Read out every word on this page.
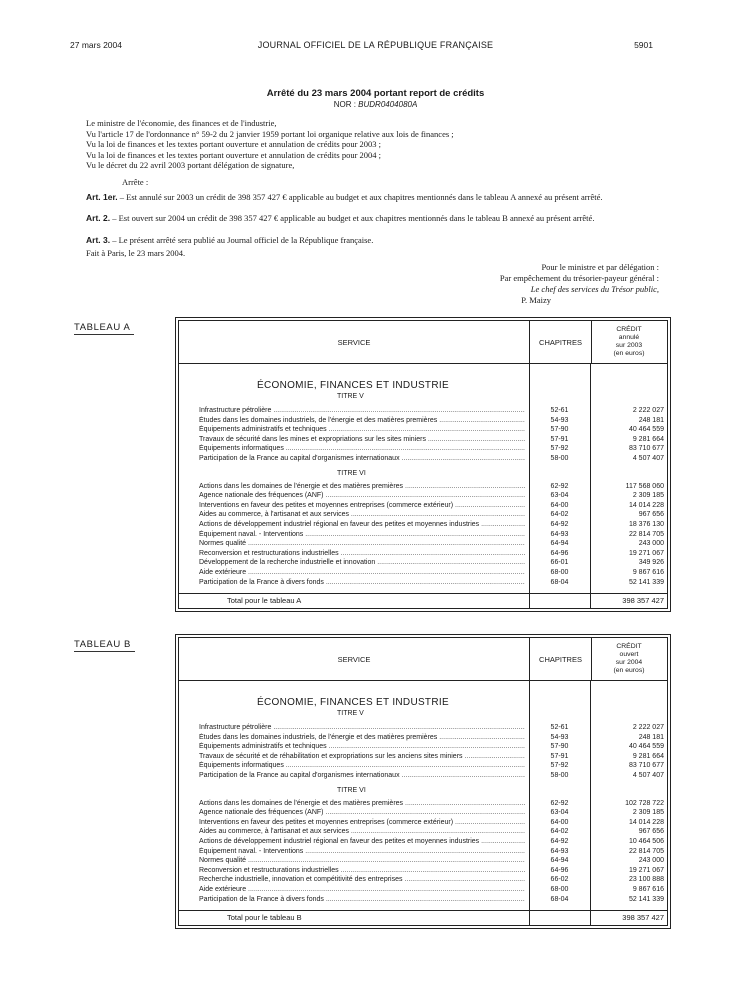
27 mars 2004	JOURNAL OFFICIEL DE LA RÉPUBLIQUE FRANÇAISE	5901
Arrêté du 23 mars 2004 portant report de crédits
NOR : BUDR0404080A
Le ministre de l'économie, des finances et de l'industrie,
Vu l'article 17 de l'ordonnance n° 59-2 du 2 janvier 1959 portant loi organique relative aux lois de finances ;
Vu la loi de finances et les textes portant ouverture et annulation de crédits pour 2003 ;
Vu la loi de finances et les textes portant ouverture et annulation de crédits pour 2004 ;
Vu le décret du 22 avril 2003 portant délégation de signature,
Arrête :
Art. 1er. – Est annulé sur 2003 un crédit de 398 357 427 € applicable au budget et aux chapitres mentionnés dans le tableau A annexé au présent arrêté.
Art. 2. – Est ouvert sur 2004 un crédit de 398 357 427 € applicable au budget et aux chapitres mentionnés dans le tableau B annexé au présent arrêté.
Art. 3. – Le présent arrêté sera publié au Journal officiel de la République française.
Fait à Paris, le 23 mars 2004.
Pour le ministre et par délégation :
Par empêchement du trésorier-payeur général :
Le chef des services du Trésor public,
P. Maizy
TABLEAU A
SERVICE	CHAPITRES
CRÉDIT
annulé
sur 2003
(en euros)
ÉCONOMIE, FINANCES ET INDUSTRIE
TITRE V
Infrastructure pétrolière .....	52-61	2 222 027
Études dans les domaines industriels, de l'énergie et des matières premières .....	54-93	248 181
Équipements administratifs et techniques .....	57-90	40 464 559
Travaux de sécurité dans les mines et expropriations sur les sites miniers .....	57-91	9 281 664
Équipements informatiques .....	57-92	83 710 677
Participation de la France au capital d'organismes internationaux .....	58-00	4 507 407
TITRE VI
Actions dans les domaines de l'énergie et des matières premières .....	62-92	117 568 060
Agence nationale des fréquences (ANF) .....	63-04	2 309 185
Interventions en faveur des petites et moyennes entreprises (commerce extérieur) .....	64-00	14 014 228
Aides au commerce, à l'artisanat et aux services .....	64-02	967 656
Actions de développement industriel régional en faveur des petites et moyennes industries .....	64-92	18 376 130
Équipement naval. - Interventions .....	64-93	22 814 705
Normes qualité .....	64-94	243 000
Reconversion et restructurations industrielles .....	64-96	19 271 067
Développement de la recherche industrielle et innovation .....	66-01	349 926
Aide extérieure .....	68-00	9 867 616
Participation de la France à divers fonds .....	68-04	52 141 339
Total pour le tableau A	398 357 427
TABLEAU B
SERVICE	CHAPITRES
CRÉDIT
ouvert
sur 2004
(en euros)
ÉCONOMIE, FINANCES ET INDUSTRIE
TITRE V
Infrastructure pétrolière .....	52-61	2 222 027
Études dans les domaines industriels, de l'énergie et des matières premières .....	54-93	248 181
Équipements administratifs et techniques .....	57-90	40 464 559
Travaux de sécurité et de réhabilitation et expropriations sur les anciens sites miniers .....	57-91	9 281 664
Équipements informatiques .....	57-92	83 710 677
Participation de la France au capital d'organismes internationaux .....	58-00	4 507 407
TITRE VI
Actions dans les domaines de l'énergie et des matières premières .....	62-92	102 728 722
Agence nationale des fréquences (ANF) .....	63-04	2 309 185
Interventions en faveur des petites et moyennes entreprises (commerce extérieur) .....	64-00	14 014 228
Aides au commerce, à l'artisanat et aux services .....	64-02	967 656
Actions de développement industriel régional en faveur des petites et moyennes industries .....	64-92	10 464 506
Équipement naval. - Interventions .....	64-93	22 814 705
Normes qualité .....	64-94	243 000
Reconversion et restructurations industrielles .....	64-96	19 271 067
Recherche industrielle, innovation et compétitivité des entreprises .....	66-02	23 100 888
Aide extérieure .....	68-00	9 867 616
Participation de la France à divers fonds .....	68-04	52 141 339
Total pour le tableau B	398 357 427
